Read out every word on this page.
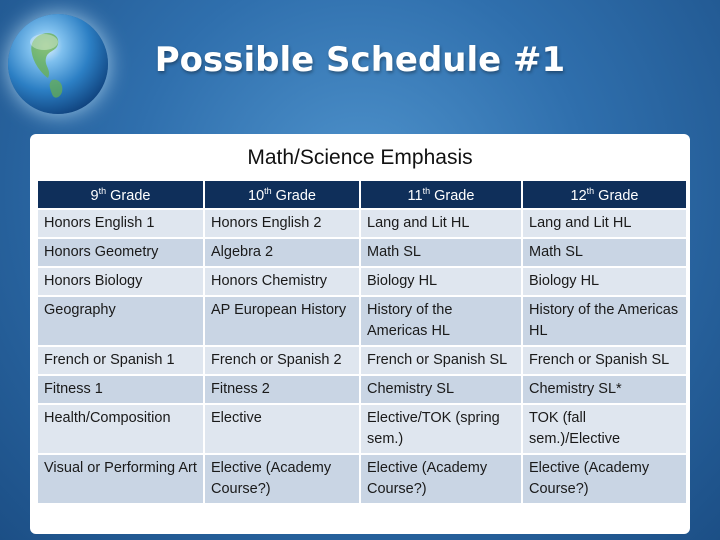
Possible Schedule #1
Math/Science Emphasis
9th Grade	10th Grade	11th Grade	12th Grade
Honors English 1	Honors English 2	Lang and Lit HL	Lang and Lit HL
Honors Geometry	Algebra 2	Math SL	Math SL
Honors Biology	Honors Chemistry	Biology HL	Biology HL
Geography	AP European History	History of the Americas HL	History of the Americas HL
French or Spanish 1	French or Spanish 2	French or Spanish SL	French or Spanish SL
Fitness 1	Fitness 2	Chemistry SL	Chemistry SL*
Health/Composition	Elective	Elective/TOK (spring sem.)	TOK (fall sem.)/Elective
Visual or Performing Art	Elective (Academy Course?)	Elective (Academy Course?)	Elective (Academy Course?)
